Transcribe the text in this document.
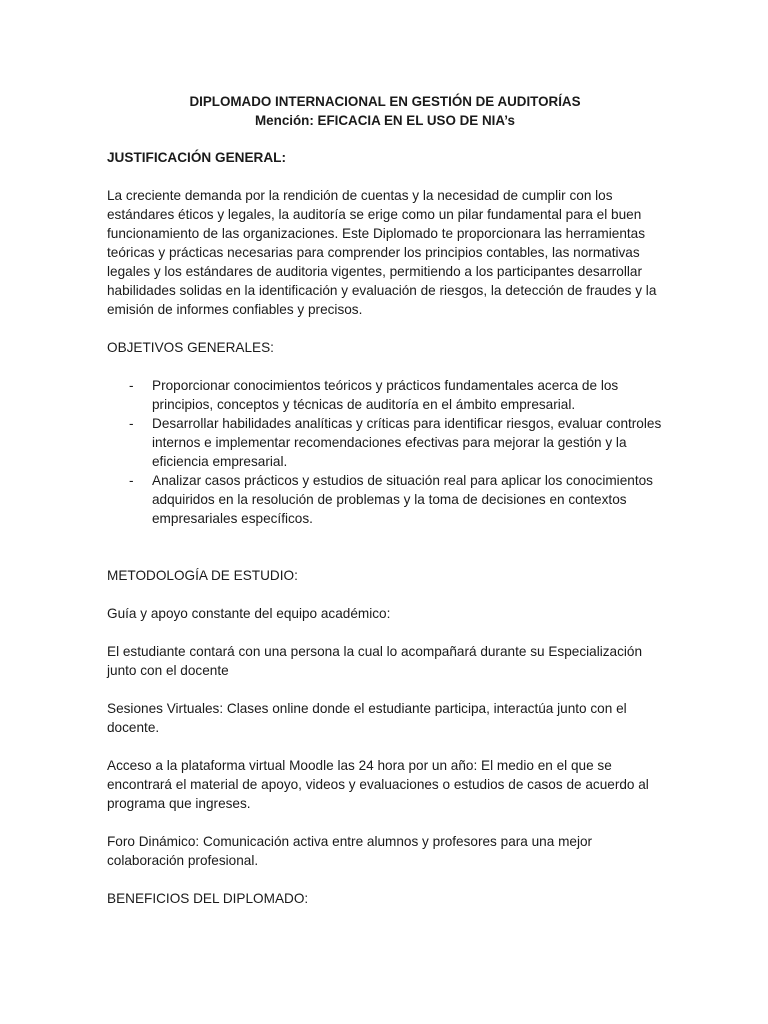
DIPLOMADO INTERNACIONAL EN GESTIÓN DE AUDITORÍAS

Mención: EFICACIA EN EL USO DE NIA’s

JUSTIFICACIÓN GENERAL:

La creciente demanda por la rendición de cuentas y la necesidad de cumplir con los estándares éticos y legales, la auditoría se erige como un pilar fundamental para el buen funcionamiento de las organizaciones. Este Diplomado te proporcionara las herramientas teóricas y prácticas necesarias para comprender los principios contables, las normativas legales y los estándares de auditoria vigentes, permitiendo a los participantes desarrollar habilidades solidas en la identificación y evaluación de riesgos, la detección de fraudes y la emisión de informes confiables y precisos.

OBJETIVOS GENERALES:

- Proporcionar conocimientos teóricos y prácticos fundamentales acerca de los principios, conceptos y técnicas de auditoría en el ámbito empresarial.
- Desarrollar habilidades analíticas y críticas para identificar riesgos, evaluar controles internos e implementar recomendaciones efectivas para mejorar la gestión y la eficiencia empresarial.
- Analizar casos prácticos y estudios de situación real para aplicar los conocimientos adquiridos en la resolución de problemas y la toma de decisiones en contextos empresariales específicos.

METODOLOGÍA DE ESTUDIO:

Guía y apoyo constante del equipo académico:

El estudiante contará con una persona la cual lo acompañará durante su Especialización junto con el docente

Sesiones Virtuales: Clases online donde el estudiante participa, interactúa junto con el docente.

Acceso a la plataforma virtual Moodle las 24 hora por un año: El medio en el que se encontrará el material de apoyo, videos y evaluaciones o estudios de casos de acuerdo al programa que ingreses.

Foro Dinámico: Comunicación activa entre alumnos y profesores para una mejor colaboración profesional.

BENEFICIOS DEL DIPLOMADO:
